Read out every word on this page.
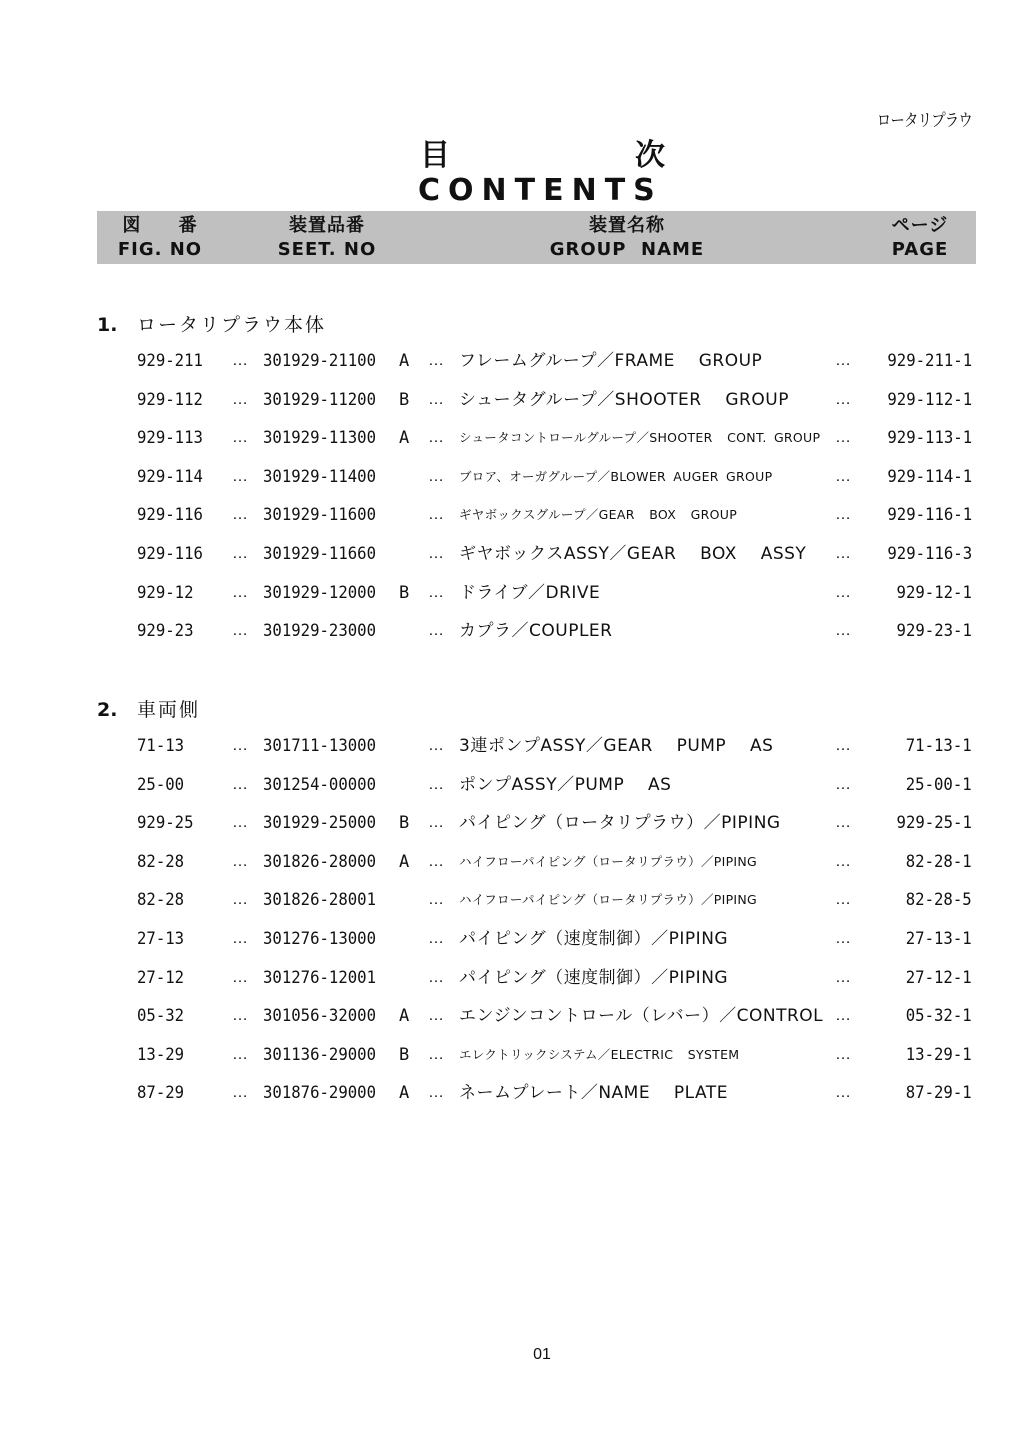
ロータリプラウ
目	次
CONTENTS
図 番
FIG. NO
装置品番
SEET. NO
装置名称
GROUP  NAME
ページ
PAGE
1. ロータリプラウ本体
929-211 … 301929-21100 A … フレームグループ／FRAME  GROUP	… 929-211-1
929-112 … 301929-11200 B … シュータグループ／SHOOTER  GROUP	… 929-112-1
929-113 … 301929-11300 A … シュータコントロールグループ／SHOOTER  CONT. GROUP … 929-113-1
929-114 … 301929-11400	… ブロア、オーガグループ／BLOWER AUGER GROUP	… 929-114-1
929-116 … 301929-11600	… ギヤボックスグループ／GEAR  BOX  GROUP	… 929-116-1
929-116 … 301929-11660	… ギヤボックスASSY／GEAR  BOX  ASSY … 929-116-3
929-12 … 301929-12000 B … ドライブ／DRIVE	…	929-12-1
929-23 … 301929-23000	… カプラ／COUPLER	…	929-23-1
2. 車両側
71-13	… 301711-13000	… 3連ポンプASSY／GEAR  PUMP  AS	…	71-13-1
25-00	… 301254-00000	… ポンプASSY／PUMP  AS	…	25-00-1
929-25 … 301929-25000 B … パイピング（ロータリプラウ）／PIPING	…	929-25-1
82-28	… 301826-28000 A … ハイフローパイピング（ロータリプラウ）／PIPING	…	82-28-1
82-28	… 301826-28001	… ハイフローパイピング（ロータリプラウ）／PIPING	…	82-28-5
27-13	… 301276-13000	… パイピング（速度制御）／PIPING	…	27-13-1
27-12	… 301276-12001	… パイピング（速度制御）／PIPING	…	27-12-1
05-32	… 301056-32000 A … エンジンコントロール（レバー）／CONTROL …	05-32-1
13-29	… 301136-29000 B … エレクトリックシステム／ELECTRIC  SYSTEM	…	13-29-1
87-29	… 301876-29000 A … ネームプレート／NAME  PLATE	…	87-29-1
01
